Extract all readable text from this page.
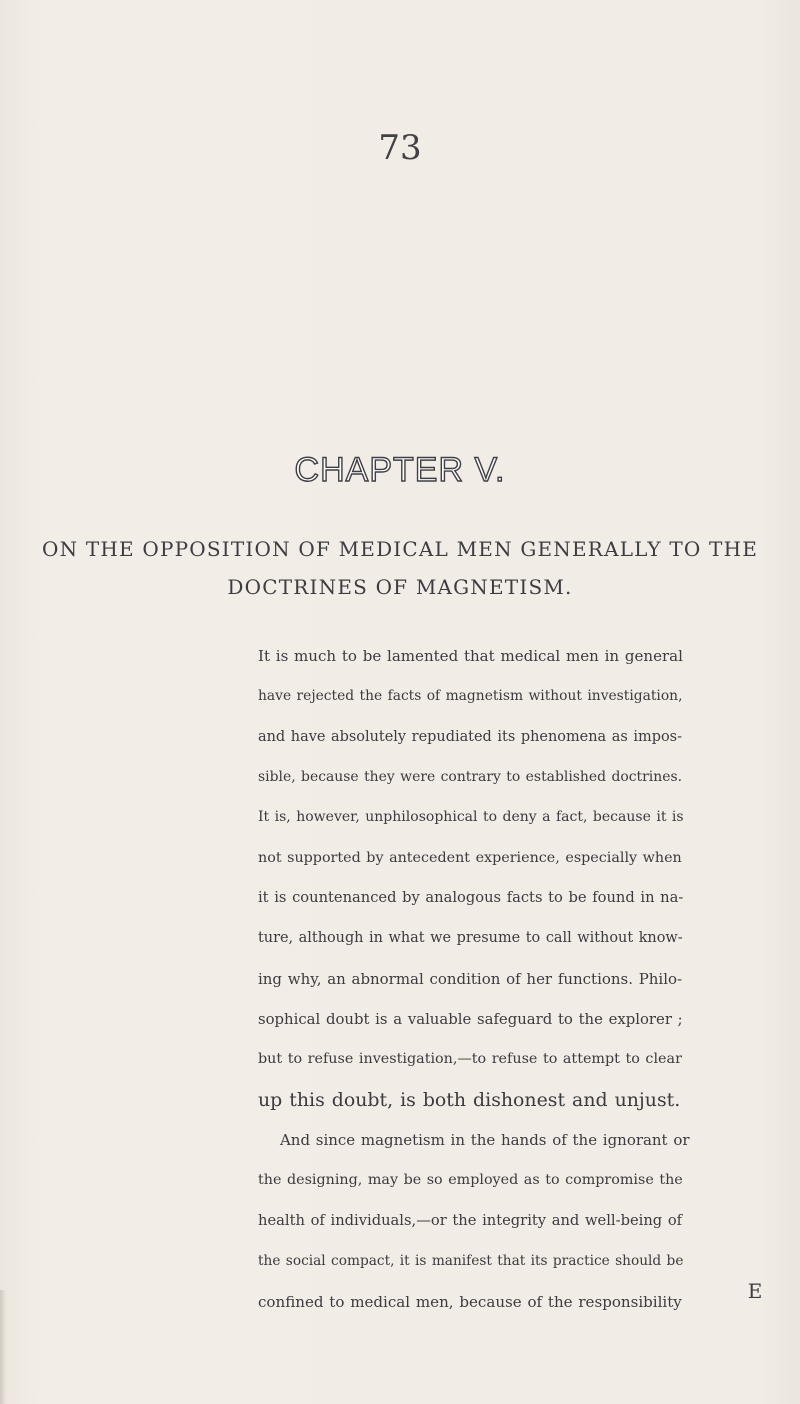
73
CHAPTER V.
ON THE OPPOSITION OF MEDICAL MEN GENERALLY TO THE
DOCTRINES OF MAGNETISM.
It is much to be lamented that medical men in general
have rejected the facts of magnetism without investigation,
and have absolutely repudiated its phenomena as impos-
sible, because they were contrary to established doctrines.
It is, however, unphilosophical to deny a fact, because it is
not supported by antecedent experience, especially when
it is countenanced by analogous facts to be found in na-
ture, although in what we presume to call without know-
ing why, an abnormal condition of her functions. Philo-
sophical doubt is a valuable safeguard to the explorer ;
but to refuse investigation,—to refuse to attempt to clear
up this doubt, is both dishonest and unjust.
And since magnetism in the hands of the ignorant or
the designing, may be so employed as to compromise the
health of individuals,—or the integrity and well-being of
the social compact, it is manifest that its practice should be
confined to medical men, because of the responsibility	E
